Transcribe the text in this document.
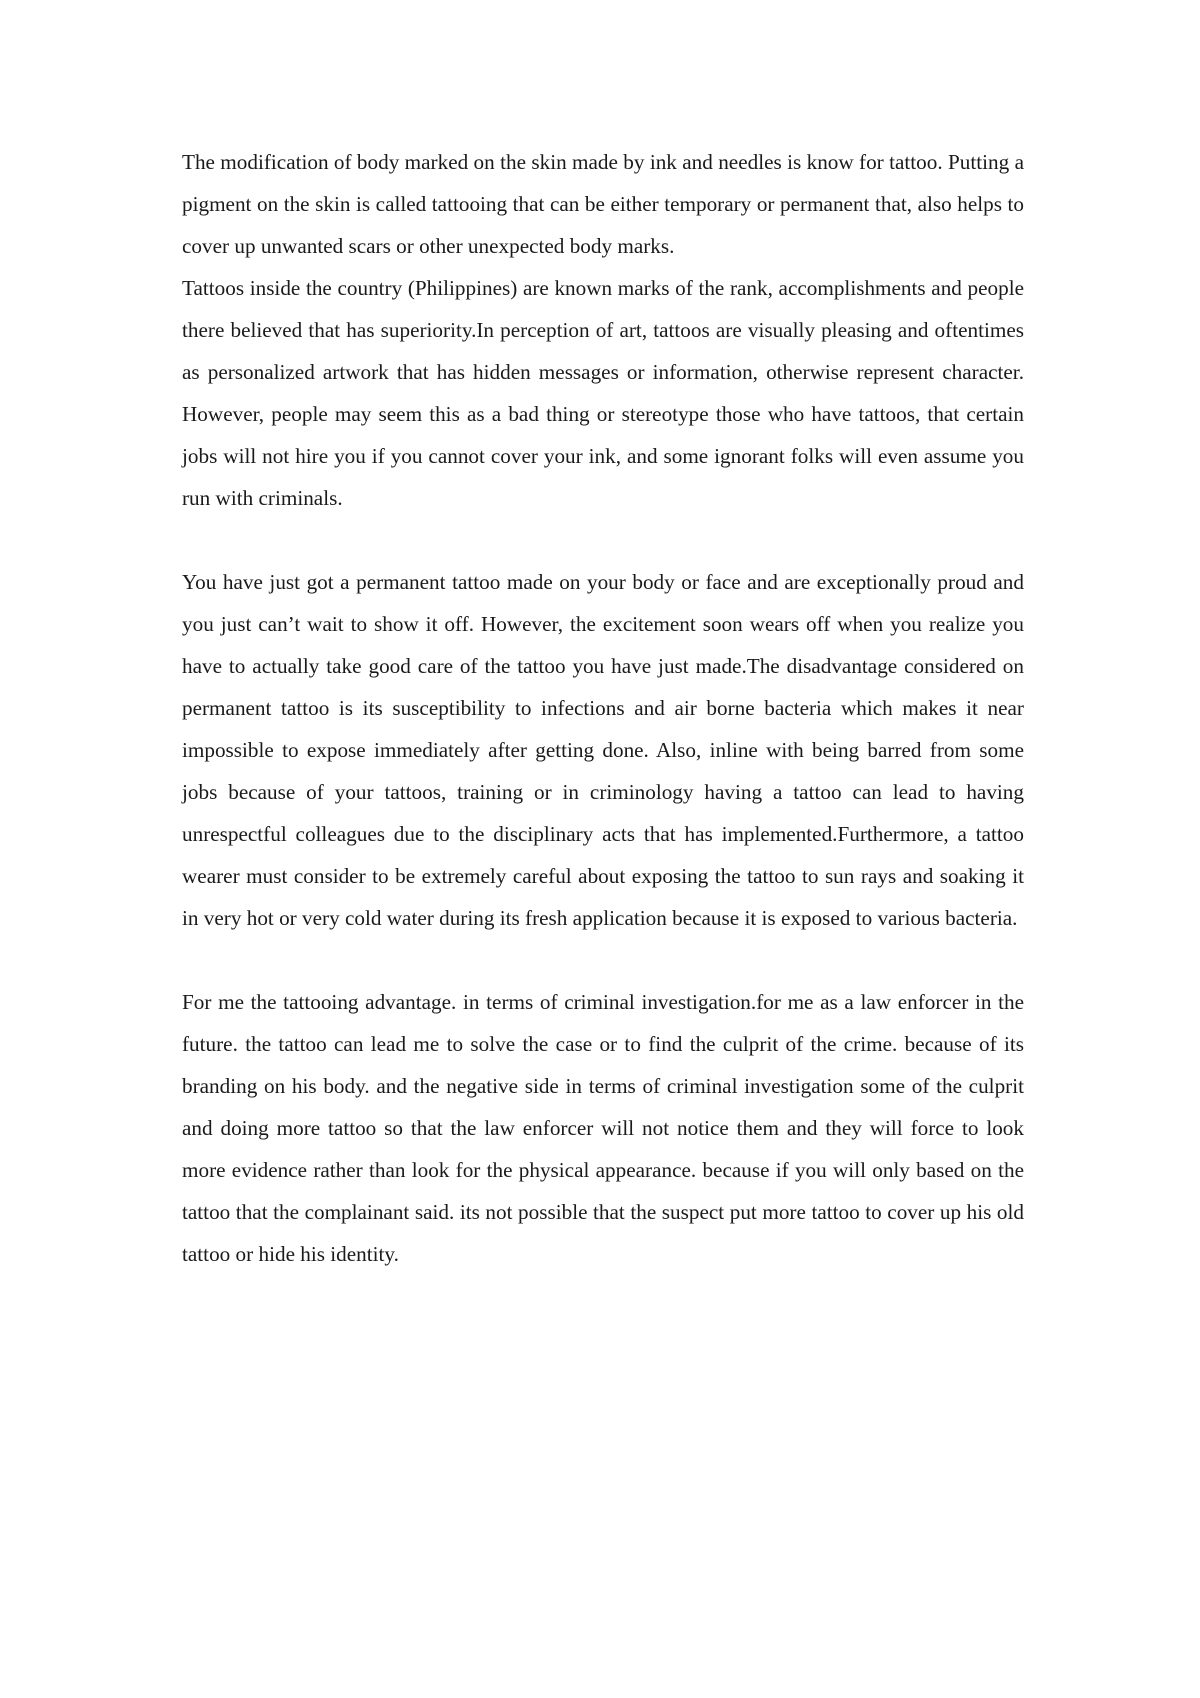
The modification of body marked on the skin made by ink and needles is know for tattoo. Putting a pigment on the skin is called tattooing that can be either temporary or permanent that, also helps to cover up unwanted scars or other unexpected body marks.

Tattoos inside the country (Philippines) are known marks of the rank, accomplishments and people there believed that has superiority.In perception of art, tattoos are visually pleasing and oftentimes as personalized artwork that has hidden messages or information, otherwise represent character. However, people may seem this as a bad thing or stereotype those who have tattoos, that certain jobs will not hire you if you cannot cover your ink, and some ignorant folks will even assume you run with criminals.

You have just got a permanent tattoo made on your body or face and are exceptionally proud and you just can’t wait to show it off. However, the excitement soon wears off when you realize you have to actually take good care of the tattoo you have just made.The disadvantage considered on permanent tattoo is its susceptibility to infections and air borne bacteria which makes it near impossible to expose immediately after getting done. Also, inline with being barred from some jobs because of your tattoos, training or in criminology having a tattoo can lead to having unrespectful colleagues due to the disciplinary acts that has implemented.Furthermore, a tattoo wearer must consider to be extremely careful about exposing the tattoo to sun rays and soaking it in very hot or very cold water during its fresh application because it is exposed to various bacteria.

For me the tattooing advantage. in terms of criminal investigation.for me as a law enforcer in the future. the tattoo can lead me to solve the case or to find the culprit of the crime. because of its branding on his body. and the negative side in terms of criminal investigation some of the culprit and doing more tattoo so that the law enforcer will not notice them and they will force to look more evidence rather than look for the physical appearance. because if you will only based on the tattoo that the complainant said. its not possible that the suspect put more tattoo to cover up his old tattoo or hide his identity.
